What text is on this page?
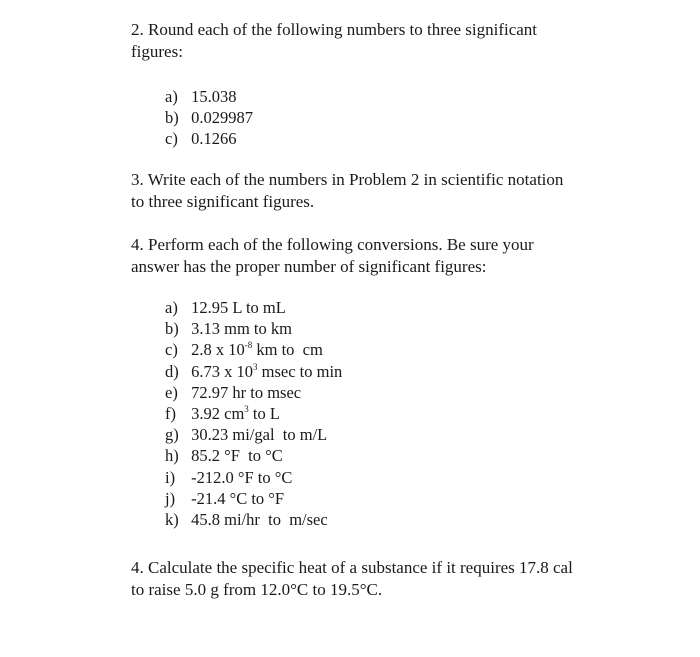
2. Round each of the following numbers to three significant figures:
a) 15.038
b) 0.029987
c) 0.1266
3. Write each of the numbers in Problem 2 in scientific notation to three significant figures.
4. Perform each of the following conversions. Be sure your answer has the proper number of significant figures:
a) 12.95 L to mL
b) 3.13 mm to km
c) 2.8 x $10^{-8}$ km to  cm
d) 6.73 x $10^3$ msec to min
e) 72.97 hr to msec
f) 3.92 $cm^3$ to L
g) 30.23 mi/gal  to m/L
h) 85.2 °F  to °C
i) -212.0 °F to °C
j) -21.4 °C to °F
k) 45.8 mi/hr  to  m/sec
4. Calculate the specific heat of a substance if it requires 17.8 cal to raise 5.0 g from 12.0°C to 19.5°C.
